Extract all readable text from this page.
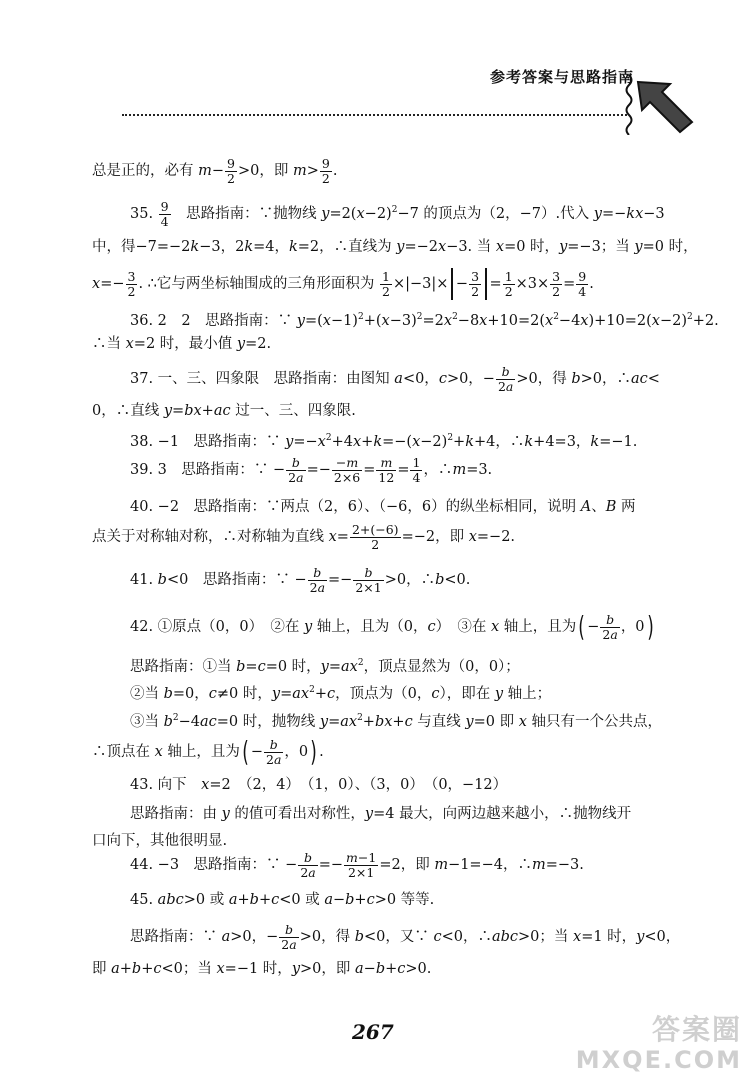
参考答案与思路指南
总是正的，必有 $m- \frac{9}{2} >0$，即 $m> \frac{9}{2}$ .
35. $\frac{9}{4}$ 　思路指南：∵抛物线 $y=2(x-2)^2-7$ 的顶点为（2，−7）.代入 y=−kx−3
中，得−7=−2k−3，2k=4，k=2，∴直线为 y=−2x−3. 当 x=0 时，y=−3；当 y=0 时，
$x=- \frac{3}{2}$ . ∴它与两坐标轴围成的三角形面积为 $\frac{1}{2} \times|-3|\times - \frac{3}{2} = \frac{1}{2} \times 3\times \frac{3}{2} = \frac{9}{4}$ .
36. 2　2　思路指南：∵ $y=(x-1)^2+(x-3)^2=2x^2-8x+10=2(x^2-4x)+10=2(x-2)^2+2$.
∴当 x=2 时，最小值 y=2.
37. 一、三、四象限　思路指南：由图知 a<0，c>0，− $\frac{b}{2a} >0$，得 b>0，∴ac<
0，∴直线 y=bx+ac 过一、三、四象限.
38. −1　思路指南：∵ $y=-x^2+4x+k=-(x-2)^2+k+4$，∴k+4=3，k=−1.
39. 3　思路指南：∵ − $\frac{b}{2a} =- \frac{-m}{2\times 6} = \frac{m}{12} = \frac{1}{4}$ ，∴m=3.
40. −2　思路指南：∵两点（2，6）、（−6，6）的纵坐标相同，说明 A、B 两
点关于对称轴对称，∴对称轴为直线 $x= \frac{2+(-6)}{2} =-2$，即 x=−2.
41. b<0　思路指南：∵ − $\frac{b}{2a} =- \frac{b}{2\times 1} >0$，∴b<0.
42. ①原点（0，0）　②在 y 轴上，且为（0，c）　③在 x 轴上，且为( − $\frac{b}{2a}$ ，0)
思路指南：①当 b=c=0 时，$y=ax^2$，顶点显然为（0，0）；
②当 b=0，c≠0 时，$y=ax^2+c$，顶点为（0，c），即在 y 轴上；
③当 $b^2-4ac=0$ 时，抛物线 $y=ax^2+bx+c$ 与直线 y=0 即 x 轴只有一个公共点，
∴顶点在 x 轴上，且为( − $\frac{b}{2a}$ ，0) .
43. 向下　x=2　（2，4）　（1，0）、（3，0）　（0，−12）
思路指南：由 y 的值可看出对称性，y=4 最大，向两边越来越小，∴抛物线开
口向下，其他很明显.
44. −3　思路指南：∵ − $\frac{b}{2a} =- \frac{m-1}{2\times 1} =2$，即 m−1=−4，∴m=−3.
45. abc>0 或 a+b+c<0 或 a−b+c>0 等等.
思路指南：∵ a>0，− $\frac{b}{2a} >0$，得 b<0，又∵ c<0，∴abc>0；当 x=1 时，y<0，
即 a+b+c<0；当 x=−1 时，y>0，即 a−b+c>0.
267	答案圈
MXQE.COM
